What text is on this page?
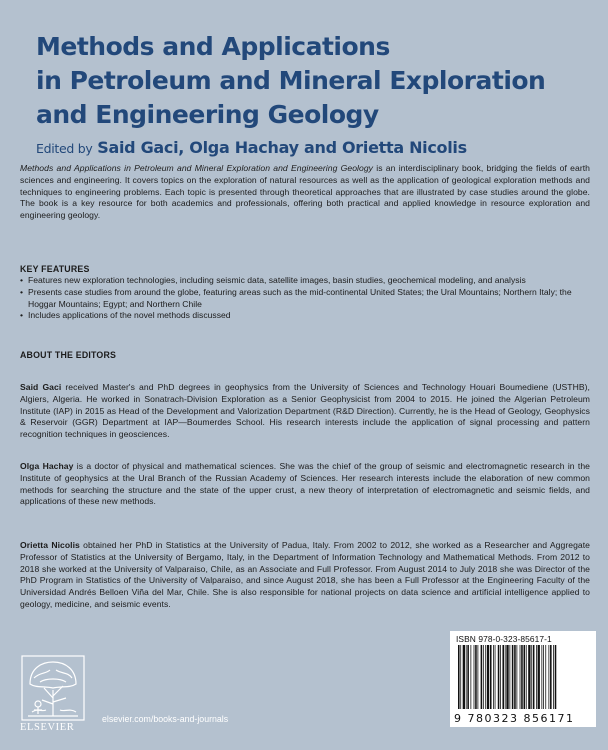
Methods and Applications
in Petroleum and Mineral Exploration
and Engineering Geology
Edited by Said Gaci, Olga Hachay and Orietta Nicolis
Methods and Applications in Petroleum and Mineral Exploration and Engineering Geology is an interdisciplinary book, bridging the fields of earth sciences and engineering. It covers topics on the exploration of natural resources as well as the application of geological exploration methods and techniques to engineering problems. Each topic is presented through theoretical approaches that are illustrated by case studies around the globe. The book is a key resource for both academics and professionals, offering both practical and applied knowledge in resource exploration and engineering geology.
KEY FEATURES
• Features new exploration technologies, including seismic data, satellite images, basin studies, geochemical modeling, and analysis
• Presents case studies from around the globe, featuring areas such as the mid-continental United States; the Ural Mountains; Northern Italy; the Hoggar Mountains; Egypt; and Northern Chile
• Includes applications of the novel methods discussed
ABOUT THE EDITORS
Said Gaci received Master's and PhD degrees in geophysics from the University of Sciences and Technology Houari Boumediene (USTHB), Algiers, Algeria. He worked in Sonatrach-Division Exploration as a Senior Geophysicist from 2004 to 2015. He joined the Algerian Petroleum Institute (IAP) in 2015 as Head of the Development and Valorization Department (R&D Direction). Currently, he is the Head of Geology, Geophysics & Reservoir (GGR) Department at IAP—Boumerdes School. His research interests include the application of signal processing and pattern recognition techniques in geosciences.
Olga Hachay is a doctor of physical and mathematical sciences. She was the chief of the group of seismic and electromagnetic research in the Institute of geophysics at the Ural Branch of the Russian Academy of Sciences. Her research interests include the elaboration of new common methods for searching the structure and the state of the upper crust, a new theory of interpretation of electromagnetic and seismic fields, and applications of these new methods.
Orietta Nicolis obtained her PhD in Statistics at the University of Padua, Italy. From 2002 to 2012, she worked as a Researcher and Aggregate Professor of Statistics at the University of Bergamo, Italy, in the Department of Information Technology and Mathematical Methods. From 2012 to 2018 she worked at the University of Valparaiso, Chile, as an Associate and Full Professor. From August 2014 to July 2018 she was Director of the PhD Program in Statistics of the University of Valparaiso, and since August 2018, she has been a Full Professor at the Engineering Faculty of the Universidad Andrés Belloen Viña del Mar, Chile. She is also responsible for national projects on data science and artificial intelligence applied to geology, medicine, and seismic events.
ELSEVIER
elsevier.com/books-and-journals
ISBN 978-0-323-85617-1
9 780323 856171
